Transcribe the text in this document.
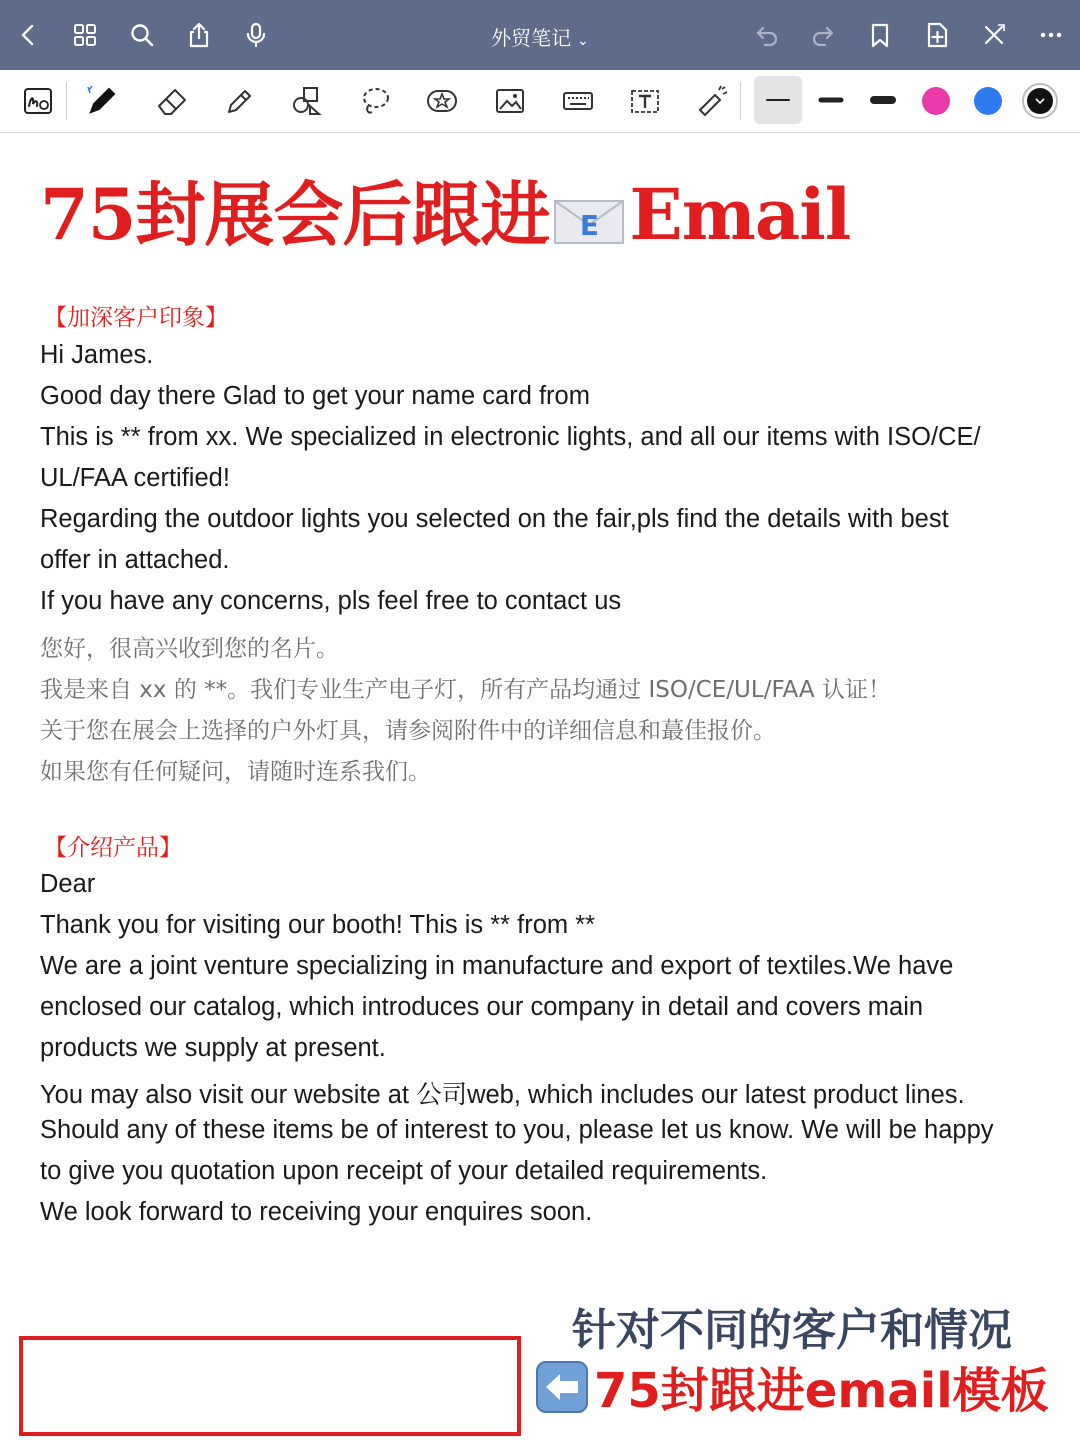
外贸笔记 ⌄
75封展会后跟进 E Email
【加深客户印象】
Hi James.
Good day there Glad to get your name card from
This is ** from xx. We specialized in electronic lights, and all our items with ISO/CE/
UL/FAA certified!
Regarding the outdoor lights you selected on the fair,pls find the details with best
offer in attached.
If you have any concerns, pls feel free to contact us
您好，很高兴收到您的名片。
我是来自 xx 的 **。我们专业生产电子灯，所有产品均通过 ISO/CE/UL/FAA 认证！
关于您在展会上选择的户外灯具，请参阅附件中的详细信息和蕞佳报价。
如果您有任何疑问，请随时连系我们。
【介绍产品】
Dear
Thank you for visiting our booth! This is ** from **
We are a joint venture specializing in manufacture and export of textiles.We have
enclosed our catalog, which introduces our company in detail and covers main
products we supply at present.
You may also visit our website at 公司web, which includes our latest product lines.
Should any of these items be of interest to you, please let us know. We will be happy
to give you quotation upon receipt of your detailed requirements.
We look forward to receiving your enquires soon.
针对不同的客户和情况
75封跟进email模板
